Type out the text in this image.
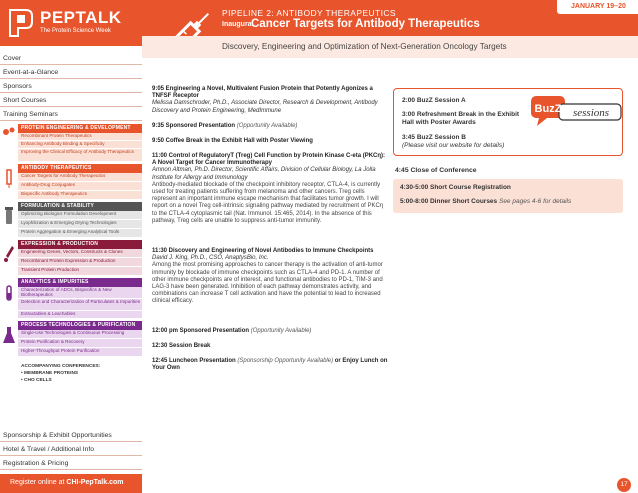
PEPTALK
The Protein Science Week
PIPELINE 2: ANTIBODY THERAPEUTICS
Inaugural
Cancer Targets for Antibody Therapeutics
JANUARY 19–20
Discovery, Engineering and Optimization of Next-Generation Oncology Targets
Cover
Event-at-a-Glance
Sponsors
Short Courses
Training Seminars
PROTEIN ENGINEERING & DEVELOPMENT
Recombinant Protein Therapeutics
Enhancing Antibody Binding & Specificity
Improving the Clinical Efficacy of Antibody Therapeutics
ANTIBODY THERAPEUTICS
Cancer Targets for Antibody Therapeutics
Antibody-Drug Conjugates
Bispecific Antibody Therapeutics
FORMULATION & STABILITY
Optimizing Biologics Formulation Development
Lyophilization & Emerging Drying Technologies
Protein Aggregation & Emerging Analytical Tools
EXPRESSION & PRODUCTION
Engineering Genes, Vectors, Constructs & Clones
Recombinant Protein Expression & Production
Transient Protein Production
ANALYTICS & IMPURITIES
Characterization of ADCs, Bispecifics & New Biotherapeutics
Detection and Characterization of Particulates & Impurities
Extractables & Leachables
PROCESS TECHNOLOGIES & PURIFICATION
Single-Use Technologies & Continuous Processing
Protein Purification & Recovery
Higher-Throughput Protein Purification
ACCOMPANYING CONFERENCES:
• MEMBRANE PROTEINS
• CHO CELLS
Sponsorship & Exhibit Opportunities
Hotel & Travel / Additional Info
Registration & Pricing
Register online at CHI-PepTalk.com
9:05 Engineering a Novel, Multivalent Fusion Protein that Potently Agonizes a TNFSF Receptor
Melissa Damschroder, Ph.D., Associate Director, Research & Development, Antibody Discovery and Protein Engineering, MedImmune
9:35 Sponsored Presentation (Opportunity Available)
9:50 Coffee Break in the Exhibit Hall with Poster Viewing
11:00 Control of RegulatoryT (Treg) Cell Function by Protein Kinase C-eta (PKCη): A Novel Target for Cancer Immunotherapy
Amnon Altman, Ph.D. Director, Scientific Affairs, Division of Cellular Biology, La Jolla Institute for Allergy and Immunology
Antibody-mediated blockade of the checkpoint inhibitory receptor, CTLA-4, is currently used for treating patients suffering from melanoma and other cancers. Treg cells represent an important immune escape mechanism that facilitates tumor growth. I will report on a novel Treg cell-intrinsic signaling pathway mediated by recruitment of PKCη to the CTLA-4 cytoplasmic tail (Nat. Immunol. 15:465, 2014). In the absence of this pathway, Treg cells are unable to suppress anti-tumor immunity.
11:30 Discovery and Engineering of Novel Antibodies to Immune Checkpoints
David J. King, Ph.D., CSO, AnaptysBio, Inc.
Among the most promising approaches to cancer therapy is the activation of anti-tumor immunity by blockade of immune checkpoints such as CTLA-4 and PD-1. A number of other immune checkpoints are of interest, and functional antibodies to PD-1, TIM-3 and LAG-3 have been generated. Inhibition of each pathway demonstrates activity, and combinations can increase T cell activation and have the potential to lead to increased clinical efficacy.
12:00 pm Sponsored Presentation (Opportunity Available)
12:30 Session Break
12:45 Luncheon Presentation (Sponsorship Opportunity Available) or Enjoy Lunch on Your Own
2:00 BuzZ Session A
3:00 Refreshment Break in the Exhibit Hall with Poster Awards
3:45 BuzZ Session B
(Please visit our website for details)
BuzZ sessions
4:45 Close of Conference
4:30-5:00 Short Course Registration
5:00-8:00 Dinner Short Courses See pages 4-6 for details
17
